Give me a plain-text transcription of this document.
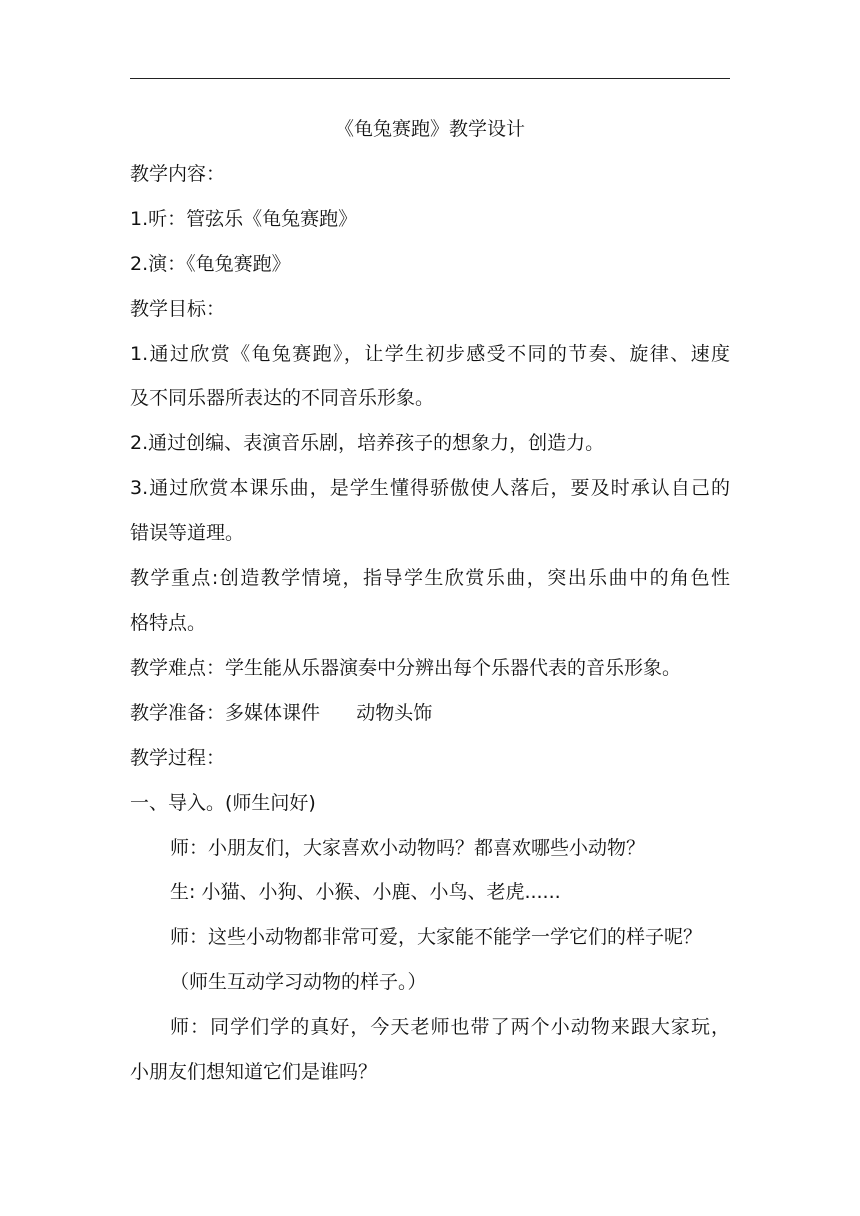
《龟兔赛跑》教学设计
教学内容：
1.听：管弦乐《龟兔赛跑》
2.演：《龟兔赛跑》
教学目标：
1.通过欣赏《龟兔赛跑》，让学生初步感受不同的节奏、旋律、速度
及不同乐器所表达的不同音乐形象。
2.通过创编、表演音乐剧，培养孩子的想象力，创造力。
3.通过欣赏本课乐曲，是学生懂得骄傲使人落后，要及时承认自己的
错误等道理。
教学重点:创造教学情境，指导学生欣赏乐曲，突出乐曲中的角色性
格特点。
教学难点：学生能从乐器演奏中分辨出每个乐器代表的音乐形象。
教学准备：多媒体课件      动物头饰
教学过程：
一、导入。(师生问好)
师：小朋友们，大家喜欢小动物吗？都喜欢哪些小动物？
生: 小猫、小狗、小猴、小鹿、小鸟、老虎......
师：这些小动物都非常可爱，大家能不能学一学它们的样子呢？
（师生互动学习动物的样子。）
师：同学们学的真好，今天老师也带了两个小动物来跟大家玩，
小朋友们想知道它们是谁吗？
